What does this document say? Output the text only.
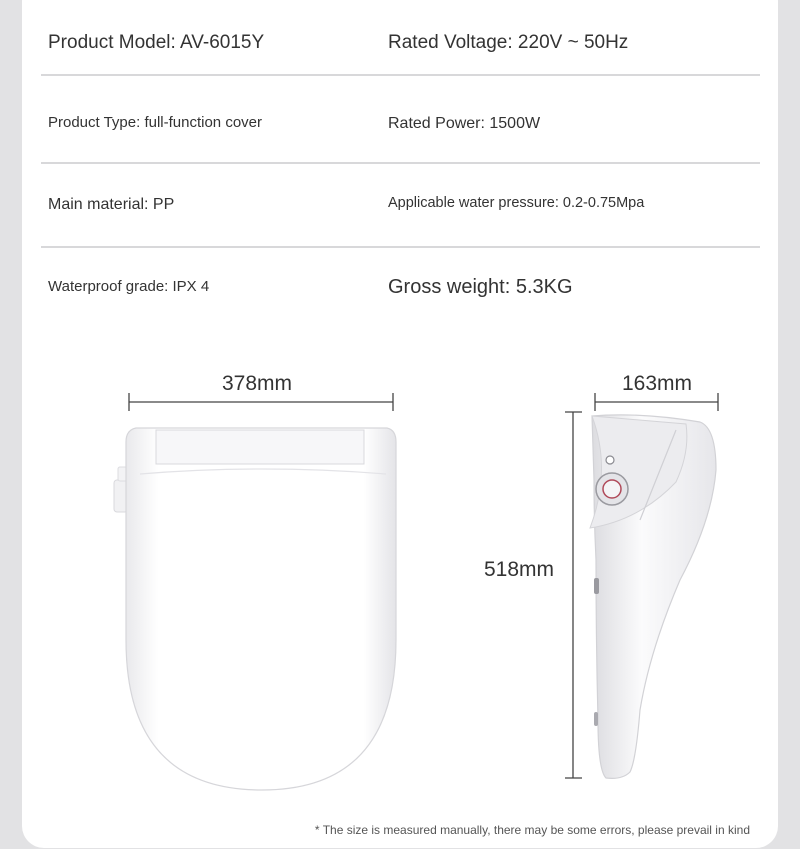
Product Model: AV-6015Y	Rated Voltage: 220V ~ 50Hz
Product Type: full-function cover	Rated Power: 1500W
Main material: PP	Applicable water pressure: 0.2-0.75Mpa
Waterproof grade: IPX 4	Gross weight: 5.3KG
378mm	163mm
518mm
* The size is measured manually, there may be some errors, please prevail in kind
